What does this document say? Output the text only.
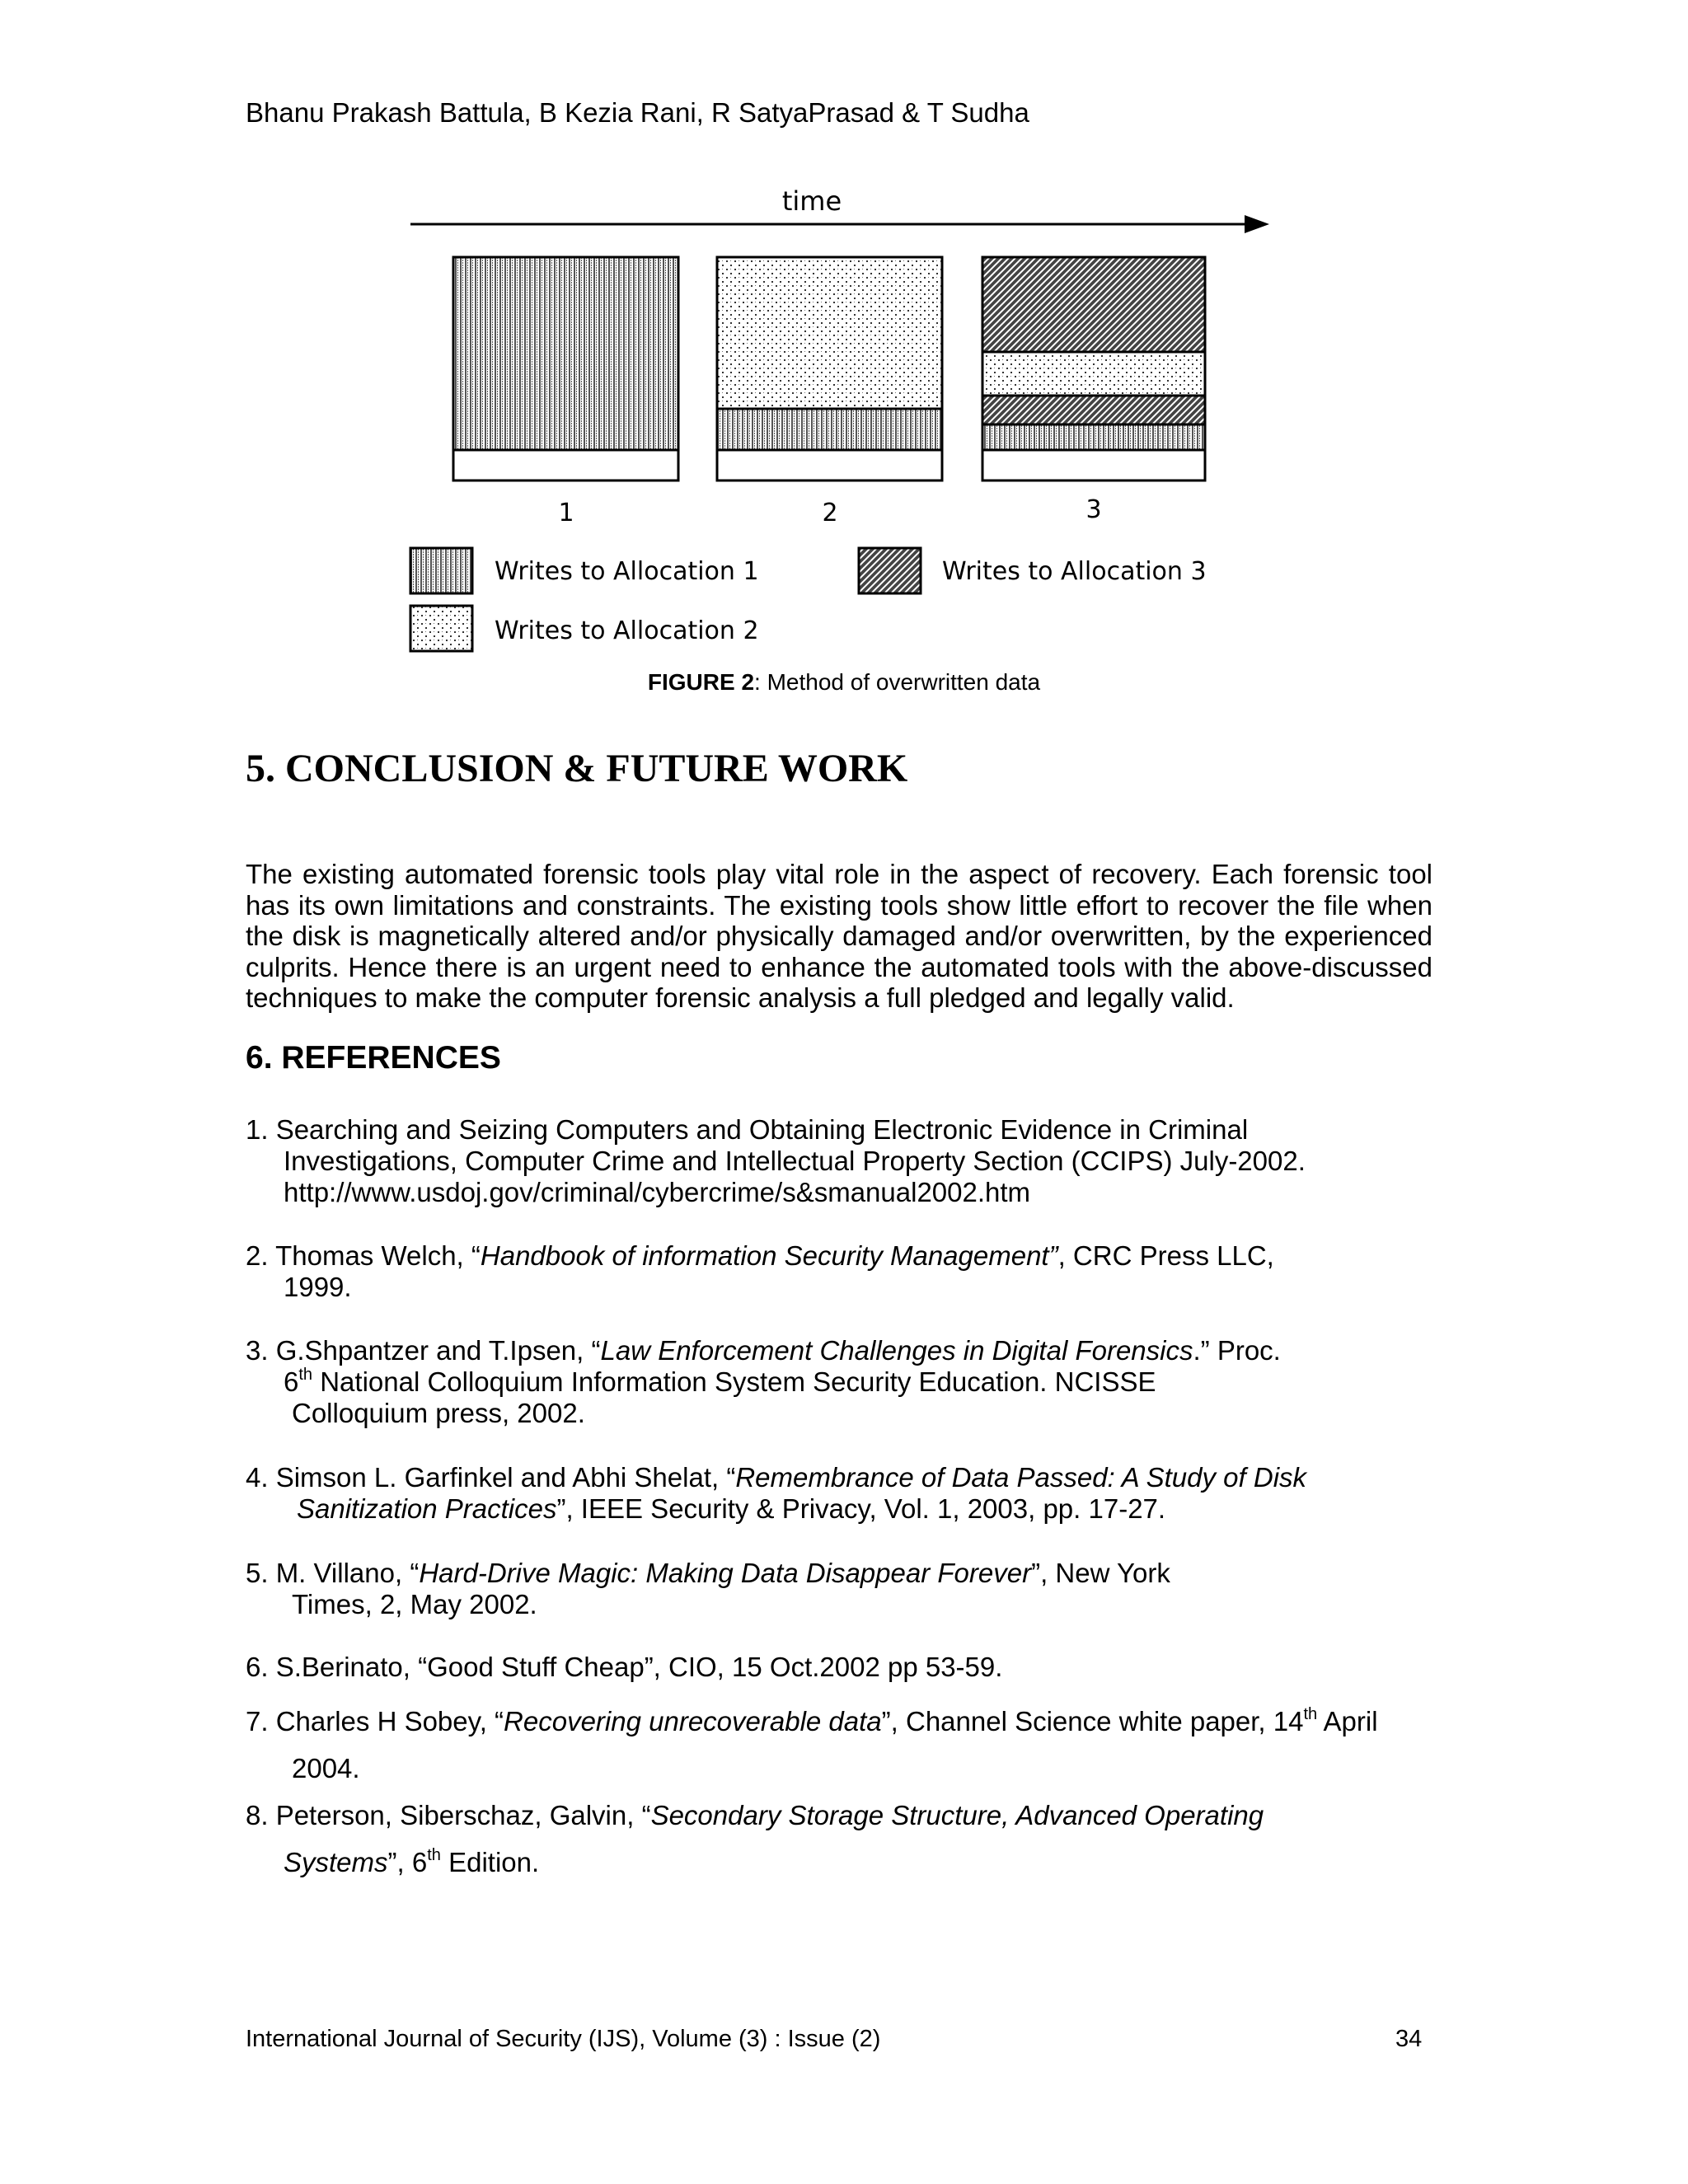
Bhanu Prakash Battula, B Kezia Rani, R SatyaPrasad & T Sudha
time
1	2	3
Writes to Allocation 1	Writes to Allocation 3
Writes to Allocation 2
FIGURE 2: Method of overwritten data
5. CONCLUSION & FUTURE WORK
The existing automated forensic tools play vital role in the aspect of recovery. Each forensic tool has its own limitations and constraints. The existing tools show little effort to recover the file when the disk is magnetically altered and/or physically damaged and/or overwritten, by the experienced culprits. Hence there is an urgent need to enhance the automated tools with the above-discussed techniques to make the computer forensic analysis a full pledged and legally valid.
6. REFERENCES
1. Searching and Seizing Computers and Obtaining Electronic Evidence in Criminal
Investigations, Computer Crime and Intellectual Property Section (CCIPS) July-2002.
http://www.usdoj.gov/criminal/cybercrime/s&smanual2002.htm
2. Thomas Welch, “Handbook of information Security Management”, CRC Press LLC,
1999.
3. G.Shpantzer and T.Ipsen, “Law Enforcement Challenges in Digital Forensics.” Proc.
6th National Colloquium Information System Security Education. NCISSE
Colloquium press, 2002.
4. Simson L. Garfinkel and Abhi Shelat, “Remembrance of Data Passed: A Study of Disk
Sanitization Practices”, IEEE Security & Privacy, Vol. 1, 2003, pp. 17-27.
5. M. Villano, “Hard-Drive Magic: Making Data Disappear Forever”, New York
Times, 2, May 2002.
6. S.Berinato, “Good Stuff Cheap”, CIO, 15 Oct.2002 pp 53-59.
7. Charles H Sobey, “Recovering unrecoverable data”, Channel Science white paper, 14th April
2004.
8. Peterson, Siberschaz, Galvin, “Secondary Storage Structure, Advanced Operating
Systems”, 6th Edition.
International Journal of Security (IJS), Volume (3) : Issue (2)	34
